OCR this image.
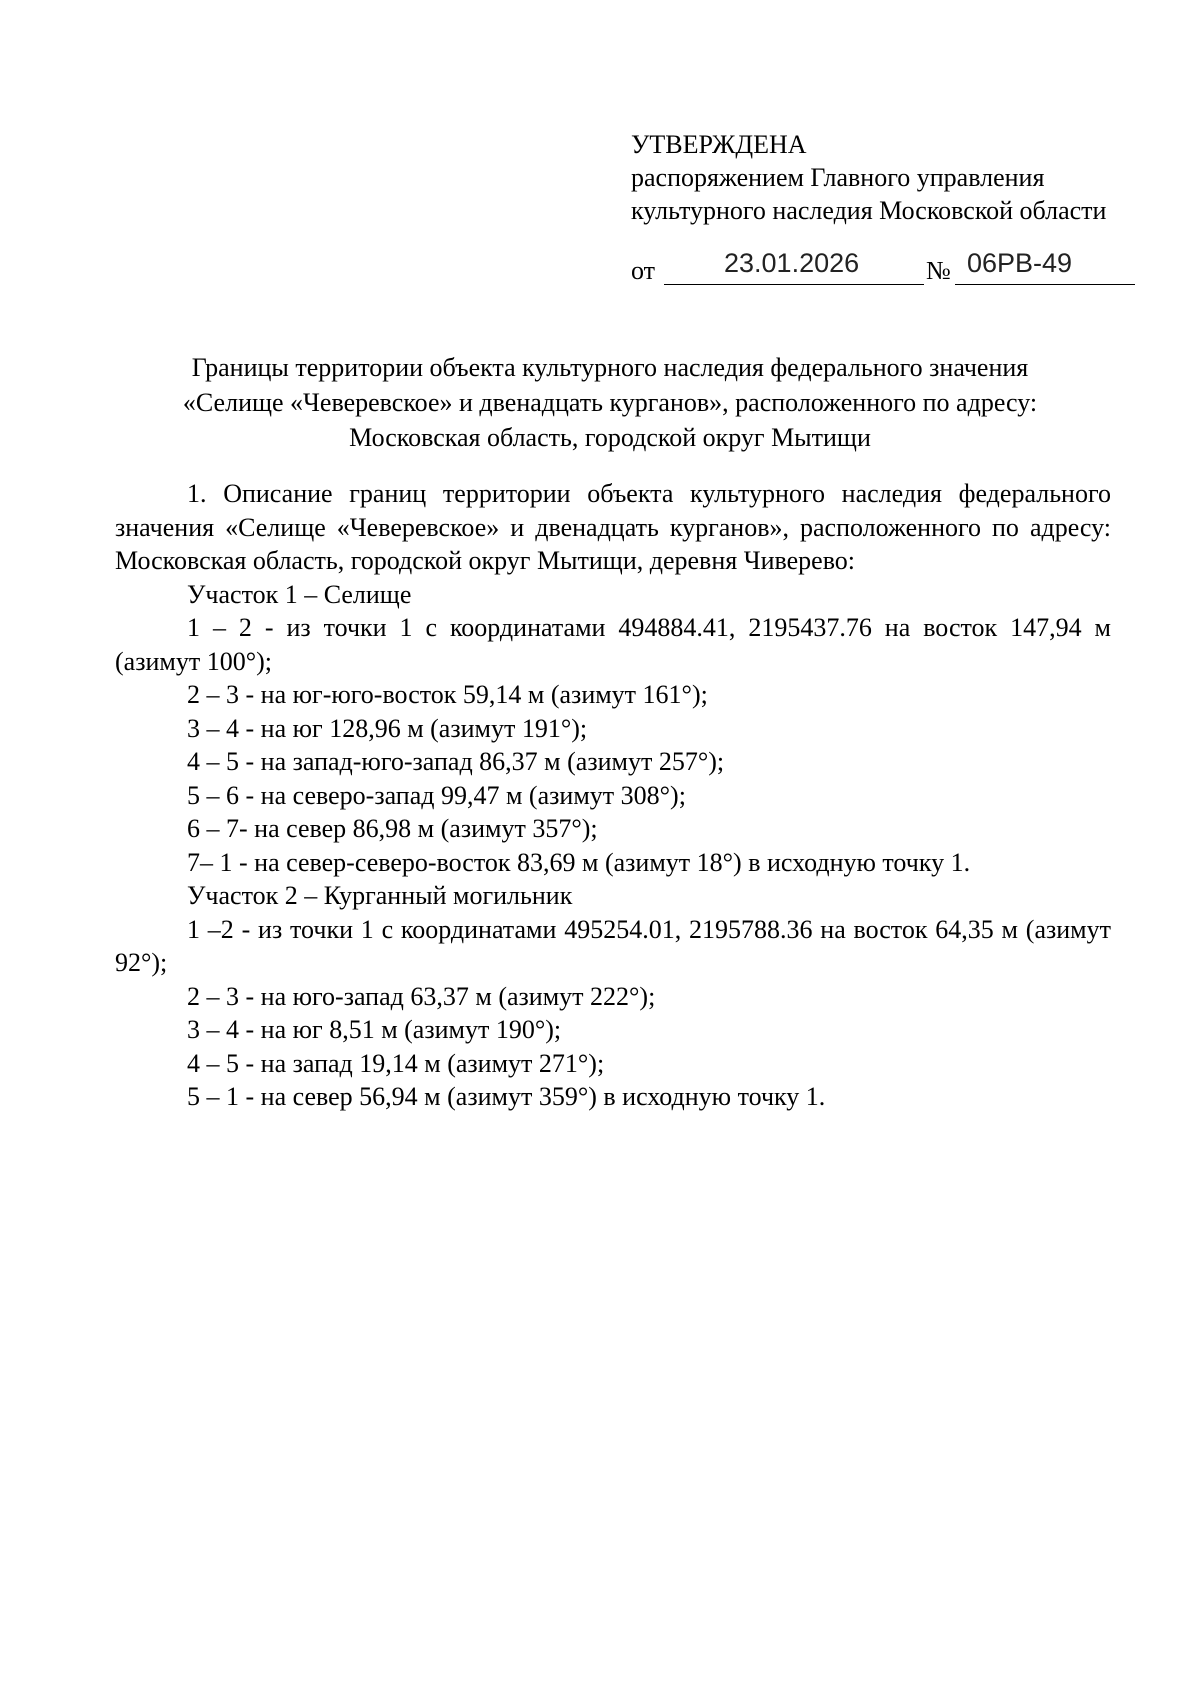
УТВЕРЖДЕНА
распоряжением Главного управления
культурного наследия Московской области
от	23.01.2026	№ 06РВ-49
Границы территории объекта культурного наследия федерального значения
«Селище «Чеверевское» и двенадцать курганов», расположенного по адресу:
Московская область, городской округ Мытищи

1. Описание границ территории объекта культурного наследия федерального значения «Селище «Чеверевское» и двенадцать курганов», расположенного по адресу: Московская область, городской округ Мытищи, деревня Чиверево:

Участок 1 – Селище

1 – 2 - из точки 1 с координатами 494884.41, 2195437.76 на восток 147,94 м (азимут 100°);

2 – 3 - на юг-юго-восток 59,14 м (азимут 161°);
3 – 4 - на юг 128,96 м (азимут 191°);
4 – 5 - на запад-юго-запад 86,37 м (азимут 257°);
5 – 6 - на северо-запад 99,47 м (азимут 308°);
6 – 7- на север 86,98 м (азимут 357°);
7– 1 - на север-северо-восток 83,69 м (азимут 18°) в исходную точку 1.
Участок 2 – Курганный могильник

1 –2 - из точки 1 с координатами 495254.01, 2195788.36 на восток 64,35 м (азимут 92°);

2 – 3 - на юго-запад 63,37 м (азимут 222°);
3 – 4 - на юг 8,51 м (азимут 190°);
4 – 5 - на запад 19,14 м (азимут 271°);
5 – 1 - на север 56,94 м (азимут 359°) в исходную точку 1.
